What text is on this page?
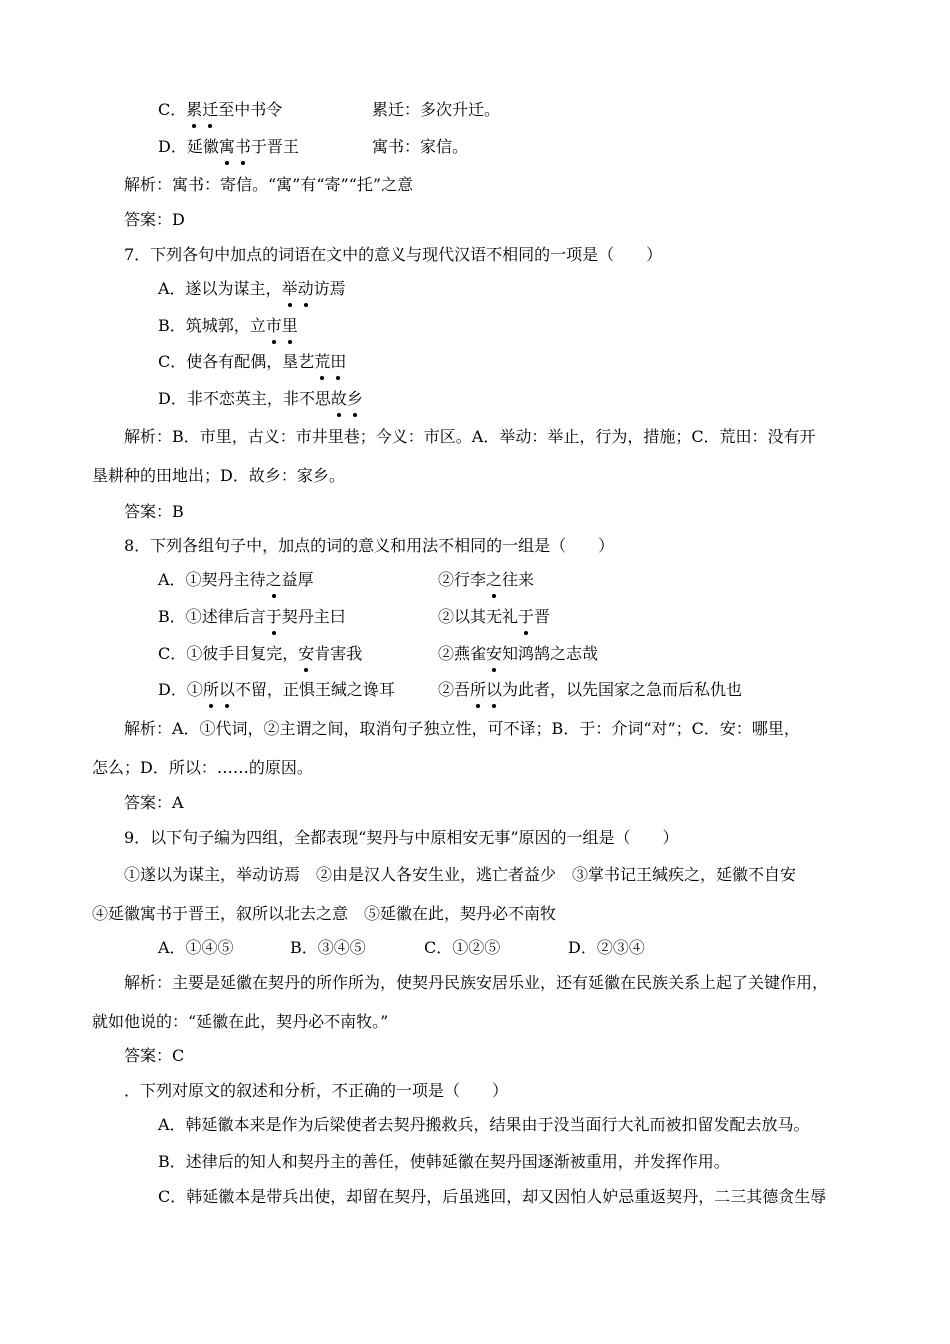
C．累迁至中书令	累迁：多次升迁。
D．延徽寓书于晋王	寓书：家信。
解析：寓书：寄信。“寓”有“寄”“托”之意
答案：D
7．下列各句中加点的词语在文中的意义与现代汉语不相同的一项是（　　）
A．遂以为谋主，举动访焉
B．筑城郭，立市里
C．使各有配偶，垦艺荒田
D．非不恋英主，非不思故乡
解析：B．市里，古义：市井里巷；今义：市区。A．举动：举止，行为，措施；C．荒田：没有开
垦耕种的田地出；D．故乡：家乡。
答案：B
8．下列各组句子中，加点的词的意义和用法不相同的一组是（　　）
A．①契丹主待之益厚	②行李之往来
B．①述律后言于契丹主曰	②以其无礼于晋
C．①彼手目复完，安肯害我	②燕雀安知鸿鹄之志哉
D．①所以不留，正惧王缄之谗耳	②吾所以为此者，以先国家之急而后私仇也
解析：A．①代词，②主谓之间，取消句子独立性，可不译；B．于：介词“对”；C．安：哪里，
怎么；D．所以：……的原因。
答案：A
9．以下句子编为四组，全都表现“契丹与中原相安无事”原因的一组是（　　）
①遂以为谋主，举动访焉　②由是汉人各安生业，逃亡者益少　③掌书记王缄疾之，延徽不自安
④延徽寓书于晋王，叙所以北去之意　⑤延徽在此，契丹必不南牧
A．①④⑤	B．③④⑤	C．①②⑤	D．②③④
解析：主要是延徽在契丹的所作所为，使契丹民族安居乐业，还有延徽在民族关系上起了关键作用，
就如他说的：“延徽在此，契丹必不南牧。”
答案：C
．下列对原文的叙述和分析，不正确的一项是（　　）
A．韩延徽本来是作为后梁使者去契丹搬救兵，结果由于没当面行大礼而被扣留发配去放马。
B．述律后的知人和契丹主的善任，使韩延徽在契丹国逐渐被重用，并发挥作用。
C．韩延徽本是带兵出使，却留在契丹，后虽逃回，却又因怕人妒忌重返契丹，二三其德贪生辱
